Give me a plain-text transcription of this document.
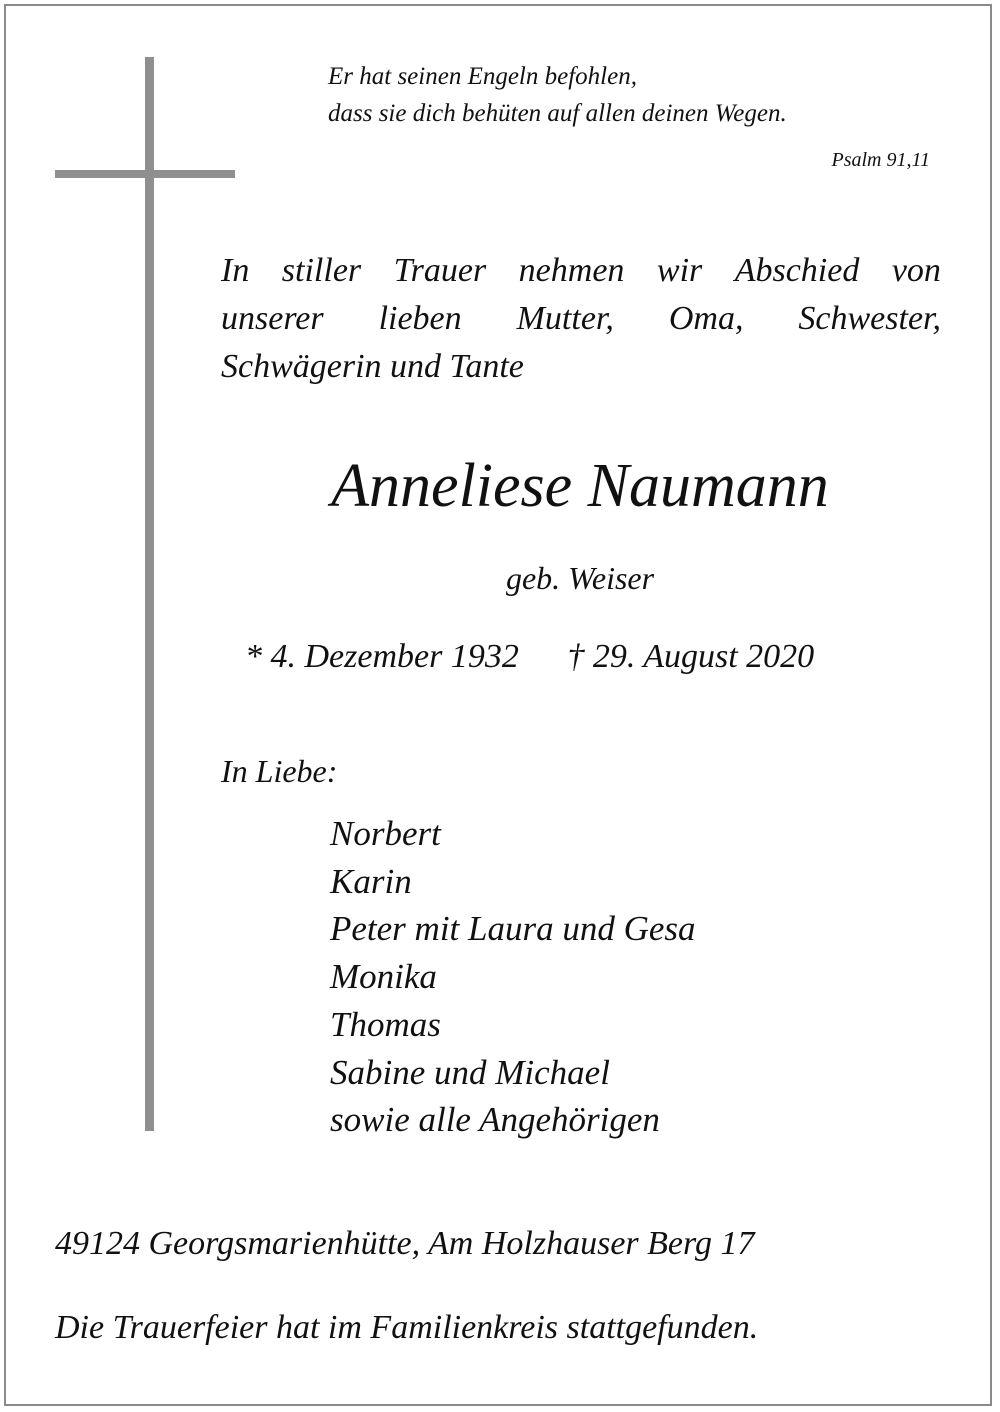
Er hat seinen Engeln befohlen,
dass sie dich behüten auf allen deinen Wegen.
Psalm 91,11
In stiller Trauer nehmen wir Abschied von
unserer lieben Mutter, Oma, Schwester,
Schwägerin und Tante
Anneliese Naumann
geb. Weiser
* 4. Dezember 1932 † 29. August 2020
In Liebe:
Norbert
Karin
Peter mit Laura und Gesa
Monika
Thomas
Sabine und Michael
sowie alle Angehörigen
49124 Georgsmarienhütte, Am Holzhauser Berg 17
Die Trauerfeier hat im Familienkreis stattgefunden.
